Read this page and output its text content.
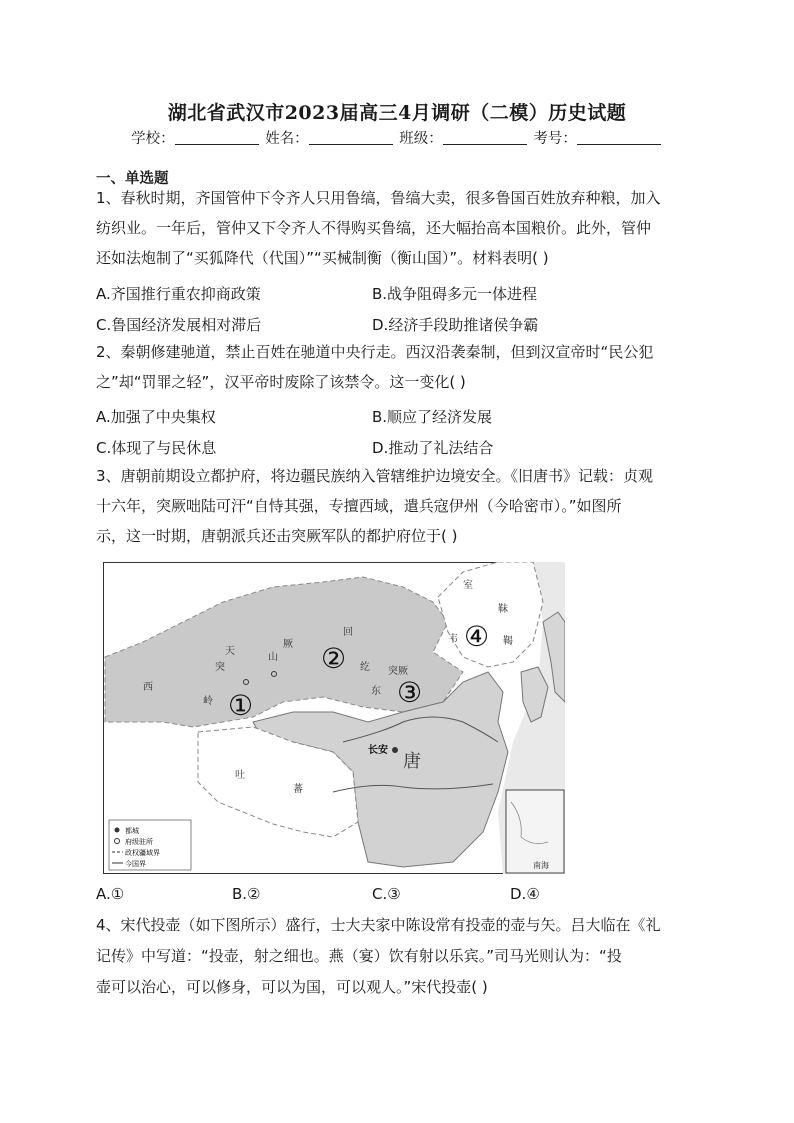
湖北省武汉市2023届高三4月调研（二模）历史试题
学校：	姓名：	班级：	考号：
一、单选题
1、春秋时期，齐国管仲下令齐人只用鲁缟，鲁缟大卖，很多鲁国百姓放弃种粮，加入
纺织业。一年后，管仲又下令齐人不得购买鲁缟，还大幅抬高本国粮价。此外，管仲
还如法炮制了“买狐降代（代国）”“买械制衡（衡山国）”。材料表明( )
A.齐国推行重农抑商政策	B.战争阻碍多元一体进程
C.鲁国经济发展相对滞后	D.经济手段助推诸侯争霸
2、秦朝修建驰道，禁止百姓在驰道中央行走。西汉沿袭秦制，但到汉宣帝时“民公犯
之”却“罚罪之轻”，汉平帝时废除了该禁令。这一变化( )
A.加强了中央集权	B.顺应了经济发展
C.体现了与民休息	D.推动了礼法结合
3、唐朝前期设立都护府，将边疆民族纳入管辖维护边境安全。《旧唐书》记载：贞观
十六年，突厥咄陆可汗“自恃其强，专擅西域，遣兵寇伊州（今哈密市）。”如图所
示，这一时期，唐朝派兵还击突厥军队的都护府位于( )
南海
都城
府级驻所
政权疆域界
今国界
室
韦
靺
鞨
回
纥
突
厥
天
山
西
岭
东
突厥
吐
蕃
长安
唐
①
②
③
④
A.①	B.②	C.③	D.④
4、宋代投壶（如下图所示）盛行，士大夫家中陈设常有投壶的壶与矢。吕大临在《礼
记传》中写道：“投壶，射之细也。燕（宴）饮有射以乐宾。”司马光则认为：“投
壶可以治心，可以修身，可以为国，可以观人。”宋代投壶( )
